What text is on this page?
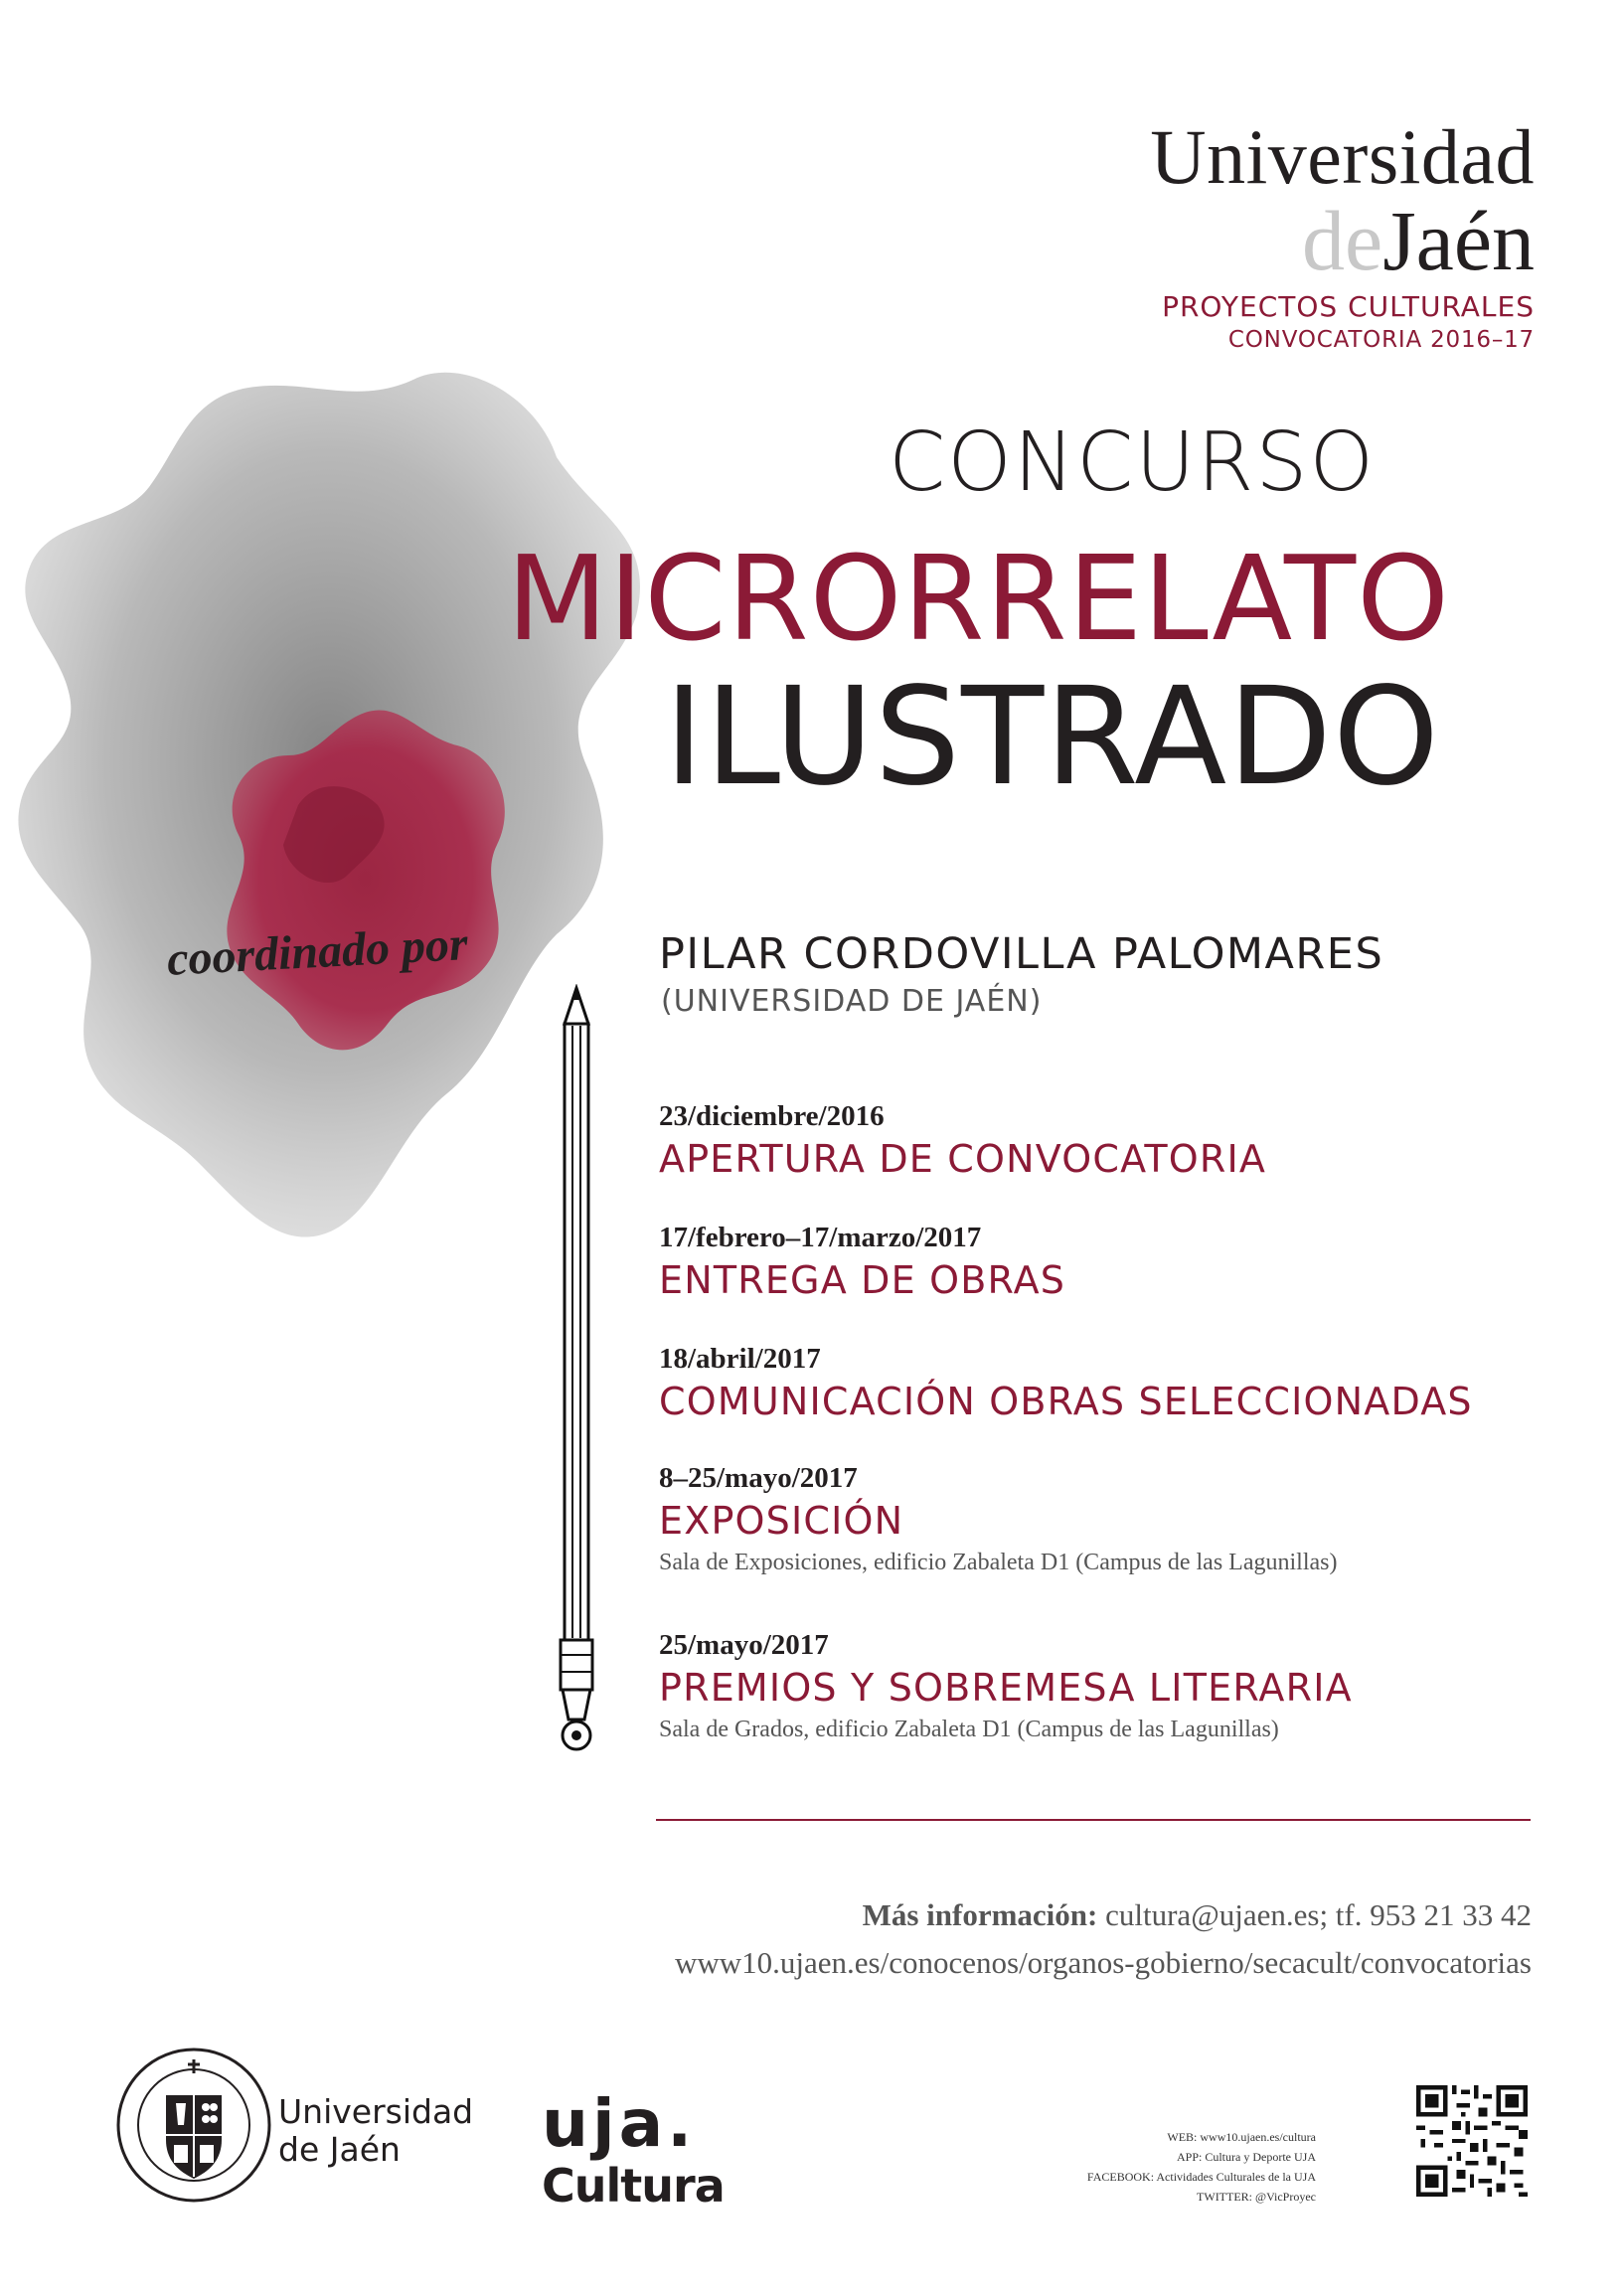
Universidad
deJaén
PROYECTOS CULTURALES
CONVOCATORIA 2016–17
CONCURSO
MICRORRELATO
ILUSTRADO
coordinado por	PILAR CORDOVILLA PALOMARES
(UNIVERSIDAD DE JAÉN)
23/diciembre/2016
APERTURA DE CONVOCATORIA
17/febrero–17/marzo/2017
ENTREGA DE OBRAS
18/abril/2017
COMUNICACIÓN OBRAS SELECCIONADAS
8–25/mayo/2017
EXPOSICIÓN
Sala de Exposiciones, edificio Zabaleta D1 (Campus de las Lagunillas)
25/mayo/2017
PREMIOS Y SOBREMESA LITERARIA
Sala de Grados, edificio Zabaleta D1 (Campus de las Lagunillas)
Más información: cultura@ujaen.es; tf. 953 21 33 42
www10.ujaen.es/conocenos/organos-gobierno/secacult/convocatorias
Universidad
de Jaén	uja.
Cultura
WEB: www10.ujaen.es/cultura
APP: Cultura y Deporte UJA
FACEBOOK: Actividades Culturales de la UJA
TWITTER: @VicProyec
